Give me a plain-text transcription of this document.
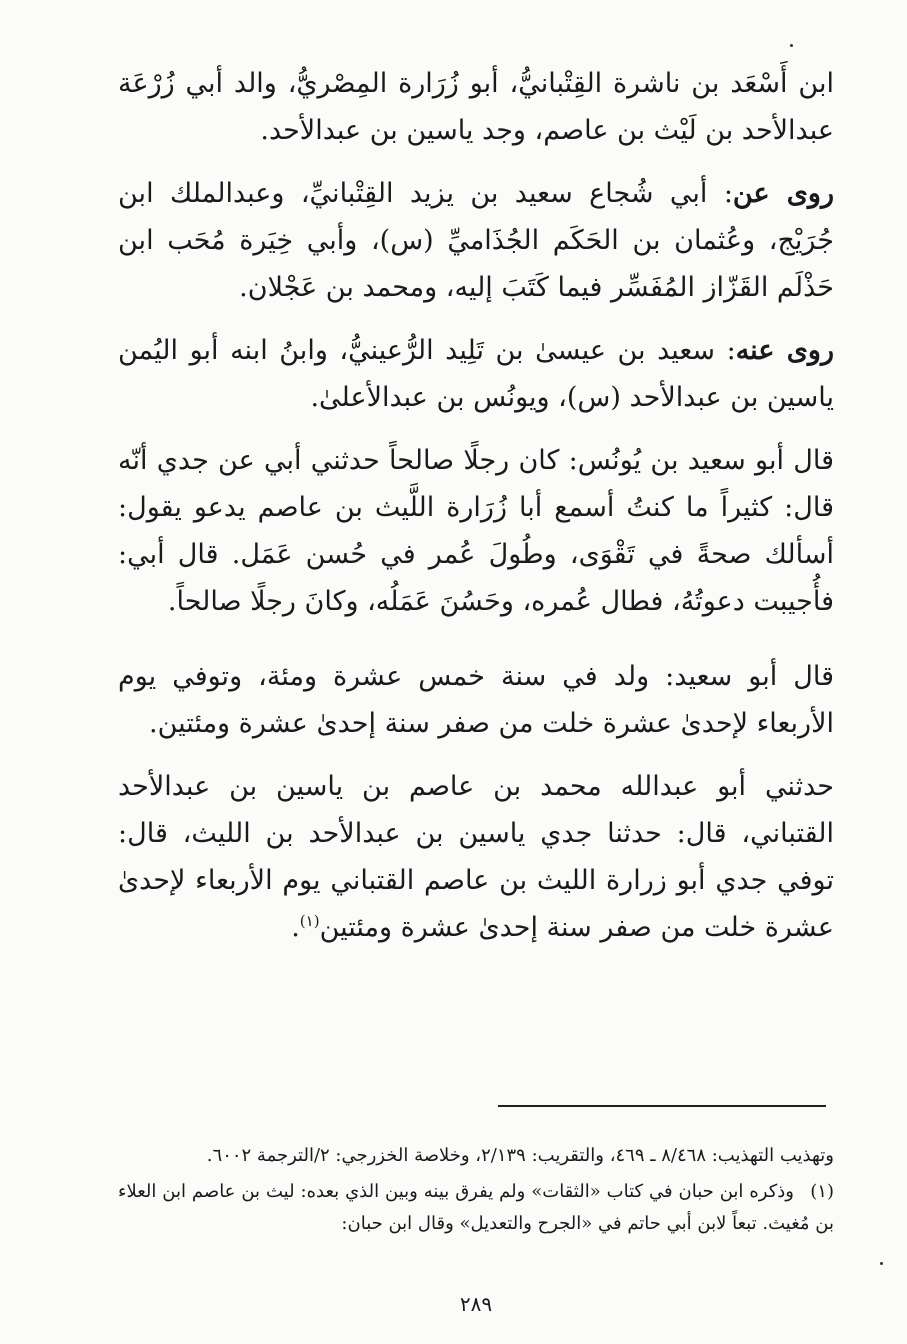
ابن أَسْعَد بن ناشرة القِتْبانيُّ، أبو زُرَارة المِصْريُّ، والد أبي زُرْعَة عبدالأحد بن لَيْث بن عاصم، وجد ياسين بن عبدالأحد.

روى عن: أبي شُجاع سعيد بن يزيد القِتْبانيِّ، وعبدالملك ابن جُرَيْج، وعُثمان بن الحَكَم الجُذَاميِّ (س)، وأبي خِيَرة مُحَب ابن حَذْلَم القَزّاز المُفَسِّر فيما كَتَبَ إليه، ومحمد بن عَجْلان.

روى عنه: سعيد بن عيسىٰ بن تَلِيد الرُّعينيُّ، وابنُ ابنه أبو اليُمن ياسين بن عبدالأحد (س)، ويونُس بن عبدالأعلىٰ.

قال أبو سعيد بن يُونُس: كان رجلًا صالحاً حدثني أبي عن جدي أنّه قال: كثيراً ما كنتُ أسمع أبا زُرَارة اللَّيث بن عاصم يدعو يقول: أسألك صحةً في تَقْوَى، وطُولَ عُمر في حُسن عَمَل. قال أبي: فأُجيبت دعوتُهُ، فطال عُمره، وحَسُنَ عَمَلُه، وكانَ رجلًا صالحاً.

قال أبو سعيد: ولد في سنة خمس عشرة ومئة، وتوفي يوم الأربعاء لإحدىٰ عشرة خلت من صفر سنة إحدىٰ عشرة ومئتين.

حدثني أبو عبدالله محمد بن عاصم بن ياسين بن عبدالأحد القتباني، قال: حدثنا جدي ياسين بن عبدالأحد بن الليث، قال: توفي جدي أبو زرارة الليث بن عاصم القتباني يوم الأربعاء لإحدىٰ عشرة خلت من صفر سنة إحدىٰ عشرة ومئتين$^{(١)}$.

وتهذيب التهذيب: ٨/٤٦٨ ـ ٤٦٩، والتقريب: ٢/١٣٩، وخلاصة الخزرجي: ٢/الترجمة ٦٠٠٢.

(١)وذكره ابن حبان في كتاب «الثقات» ولم يفرق بينه وبين الذي بعده: ليث بن عاصم ابن العلاء بن مُغيث. تبعاً لابن أبي حاتم في «الجرح والتعديل» وقال ابن حبان:

٢٨٩
